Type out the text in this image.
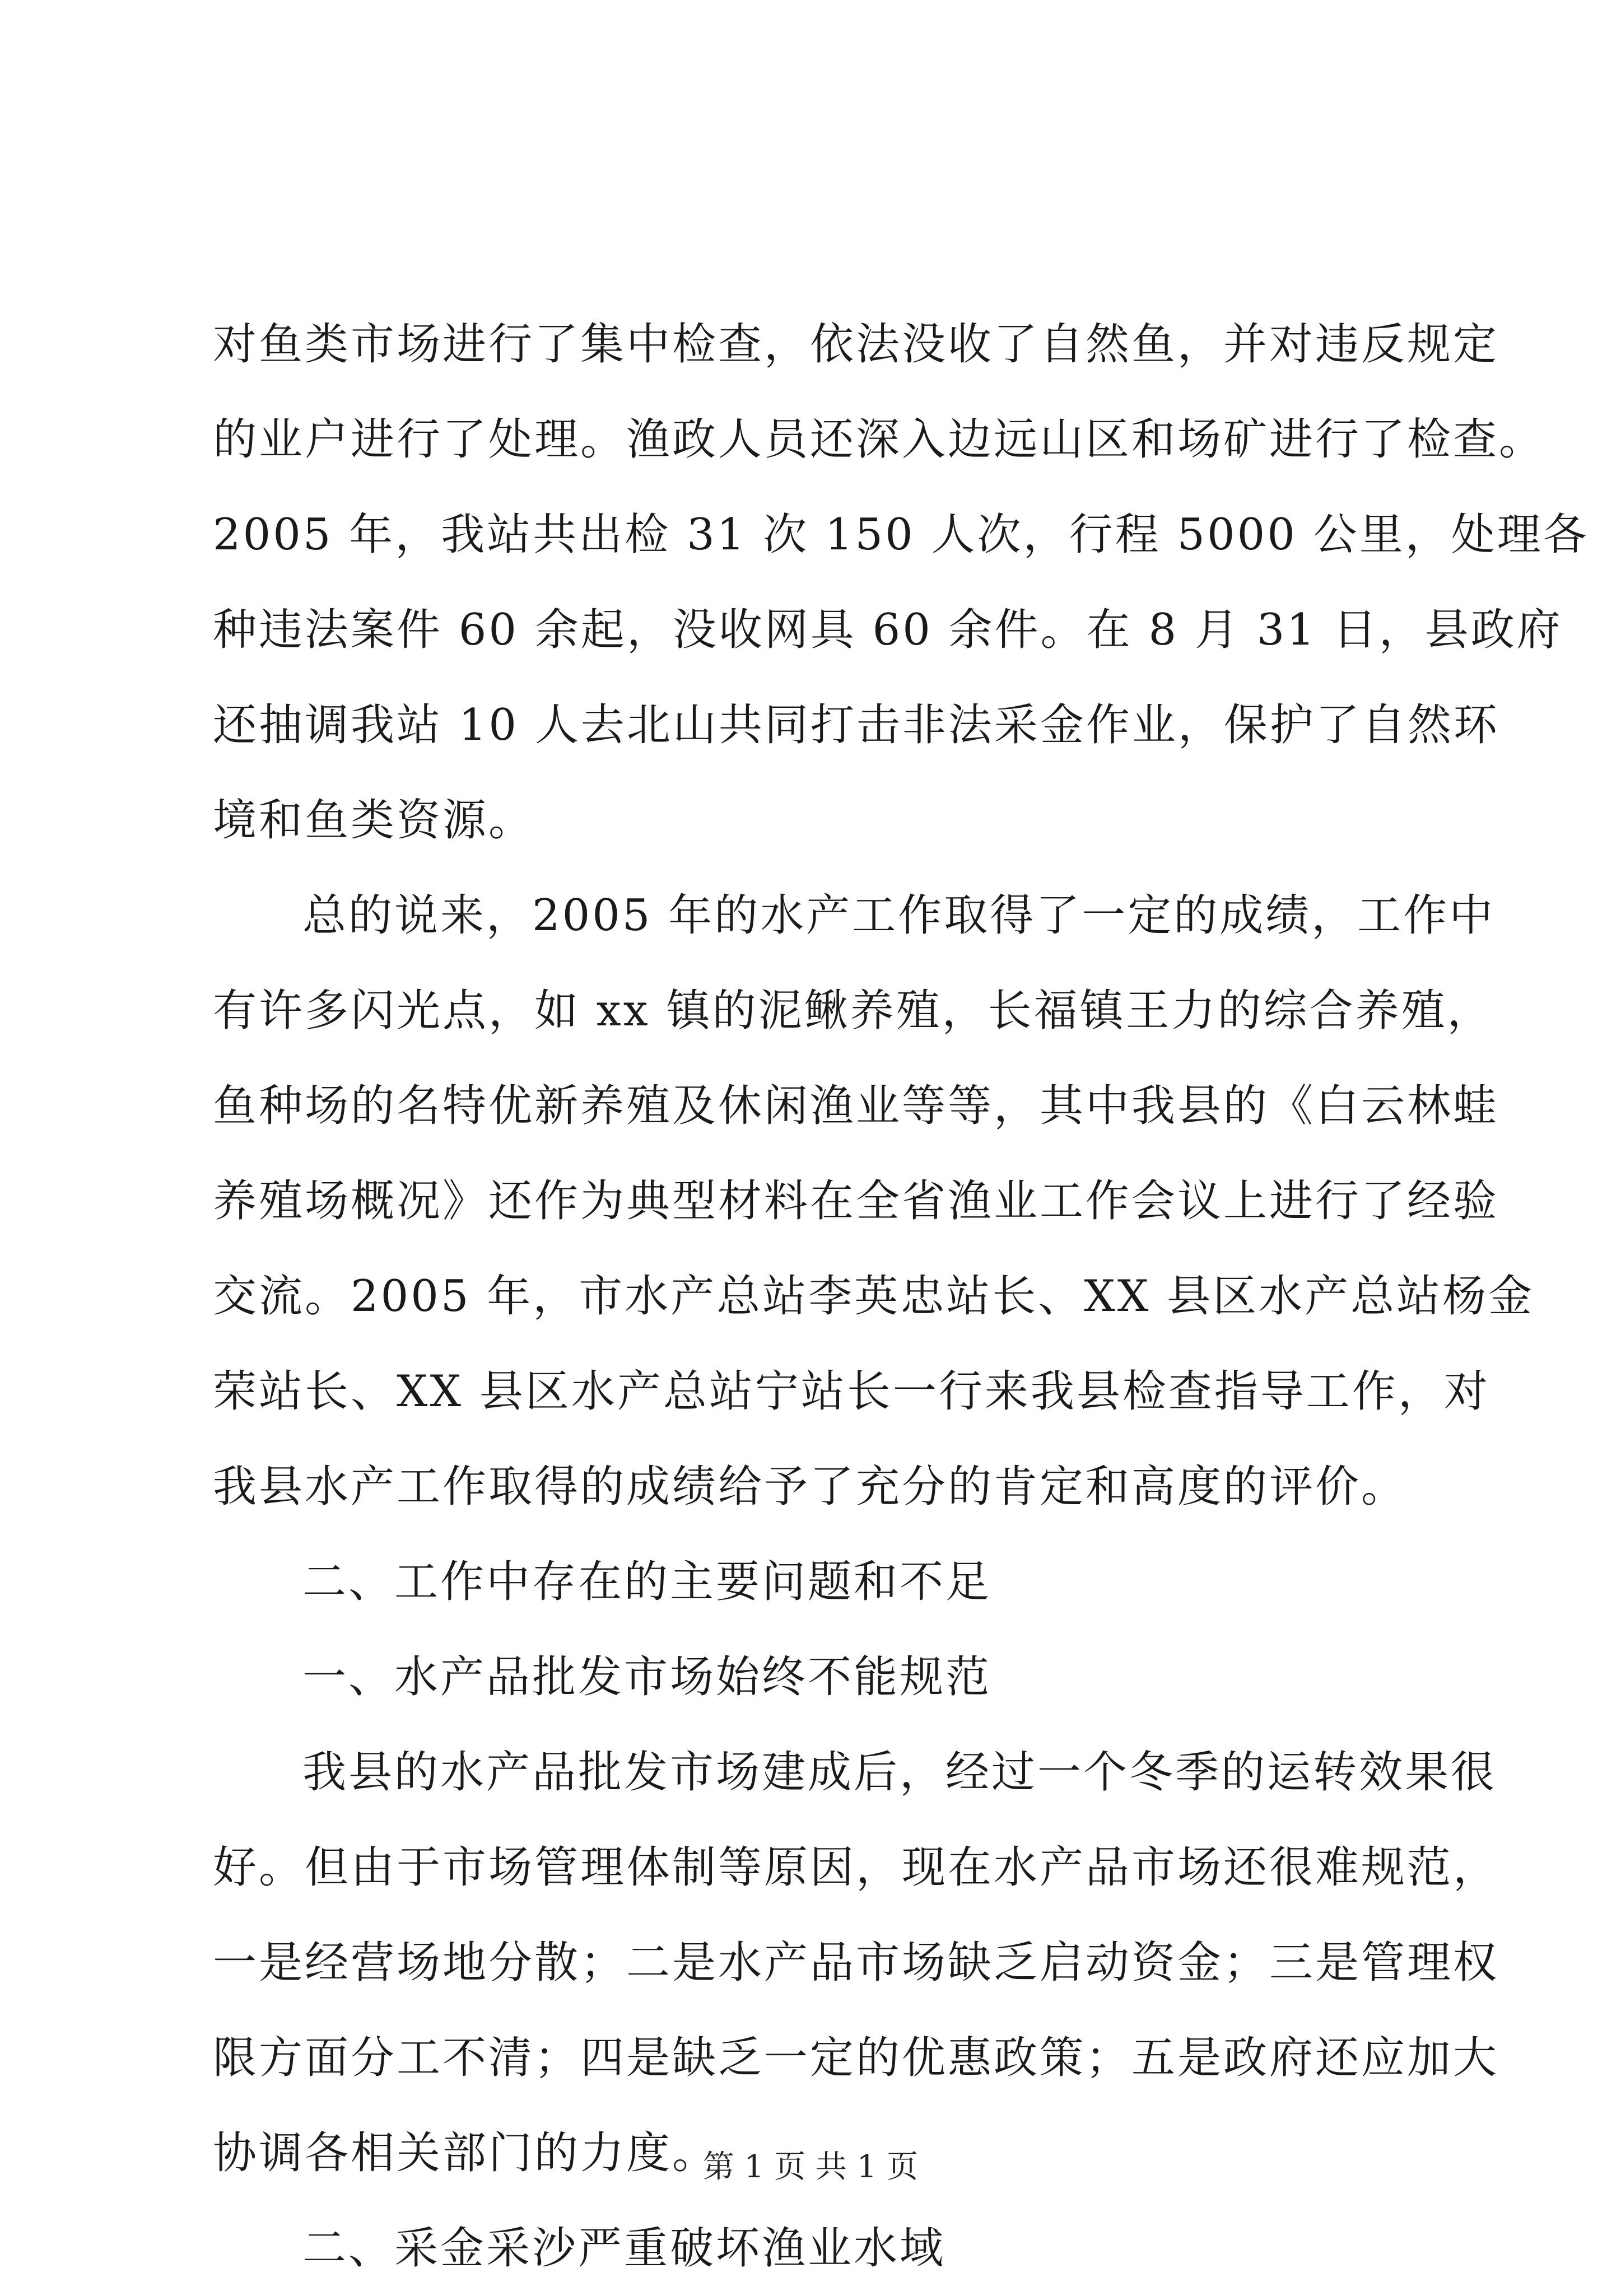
对鱼类市场进行了集中检查，依法没收了自然鱼，并对违反规定
的业户进行了处理。渔政人员还深入边远山区和场矿进行了检查。
2005 年，我站共出检 31 次 150 人次，行程 5000 公里，处理各
种违法案件 60 余起，没收网具 60 余件。在 8 月 31 日，县政府
还抽调我站 10 人去北山共同打击非法采金作业，保护了自然环
境和鱼类资源。
总的说来，2005 年的水产工作取得了一定的成绩，工作中
有许多闪光点，如 xx 镇的泥鳅养殖，长福镇王力的综合养殖，
鱼种场的名特优新养殖及休闲渔业等等，其中我县的《白云林蛙
养殖场概况》还作为典型材料在全省渔业工作会议上进行了经验
交流。2005 年，市水产总站李英忠站长、XX 县区水产总站杨金
荣站长、XX 县区水产总站宁站长一行来我县检查指导工作，对
我县水产工作取得的成绩给予了充分的肯定和高度的评价。
二、工作中存在的主要问题和不足
一、水产品批发市场始终不能规范
我县的水产品批发市场建成后，经过一个冬季的运转效果很
好。但由于市场管理体制等原因，现在水产品市场还很难规范，
一是经营场地分散；二是水产品市场缺乏启动资金；三是管理权
限方面分工不清；四是缺乏一定的优惠政策；五是政府还应加大
协调各相关部门的力度。
二、采金采沙严重破坏渔业水域
第 1 页 共 1 页
